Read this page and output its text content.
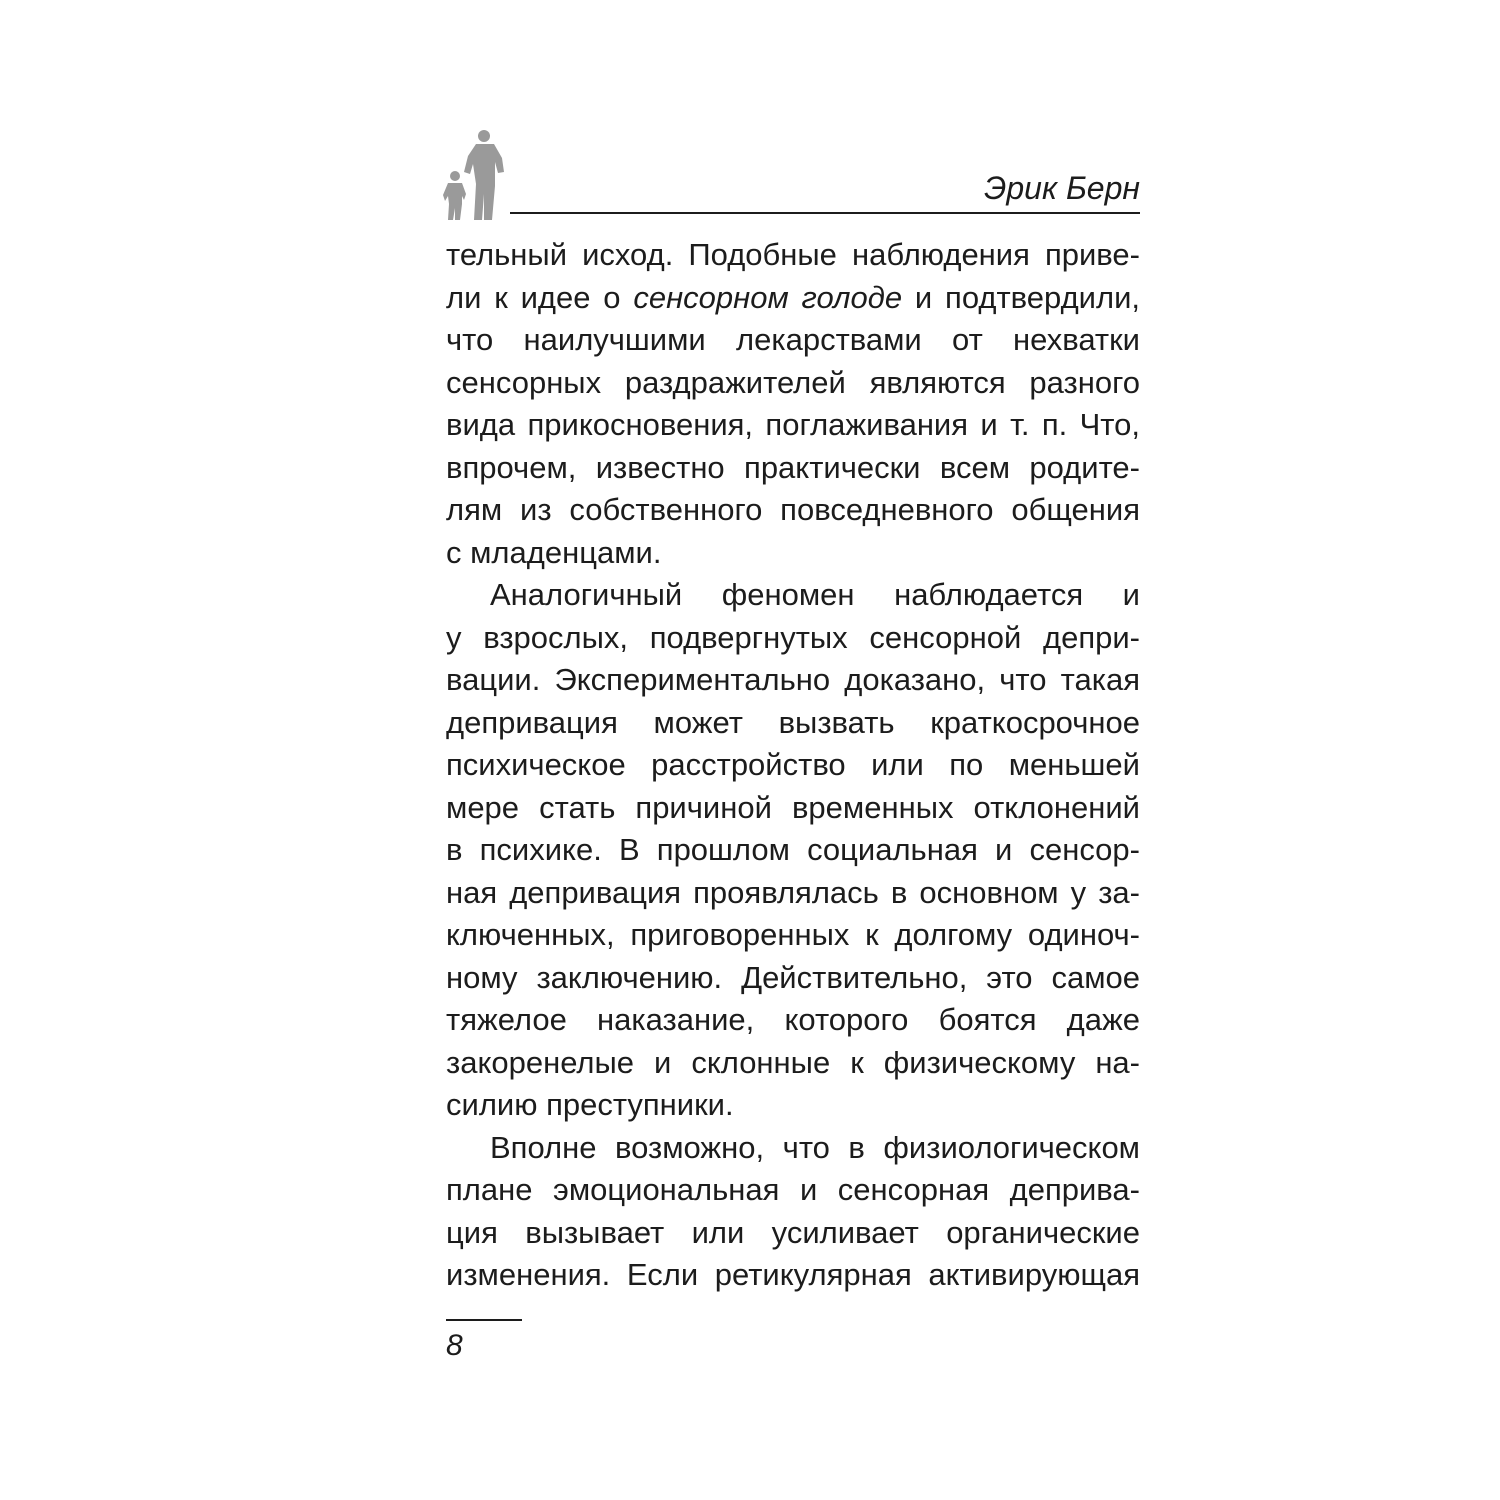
Эрик Берн
тельный исход. Подобные наблюдения приве-
ли к идее о сенсорном голоде и подтвердили,
что наилучшими лекарствами от нехватки
сенсорных раздражителей являются разного
вида прикосновения, поглаживания и т. п. Что,
впрочем, известно практически всем родите-
лям из собственного повседневного общения
с младенцами.
Аналогичный феномен наблюдается и
у взрослых, подвергнутых сенсорной депри-
вации. Экспериментально доказано, что такая
депривация может вызвать краткосрочное
психическое расстройство или по меньшей
мере стать причиной временных отклонений
в психике. В прошлом социальная и сенсор-
ная депривация проявлялась в основном у за-
ключенных, приговоренных к долгому одиноч-
ному заключению. Действительно, это самое
тяжелое наказание, которого боятся даже
закоренелые и склонные к физическому на-
силию преступники.
Вполне возможно, что в физиологическом
плане эмоциональная и сенсорная деприва-
ция вызывает или усиливает органические
изменения. Если ретикулярная активирующая
8
